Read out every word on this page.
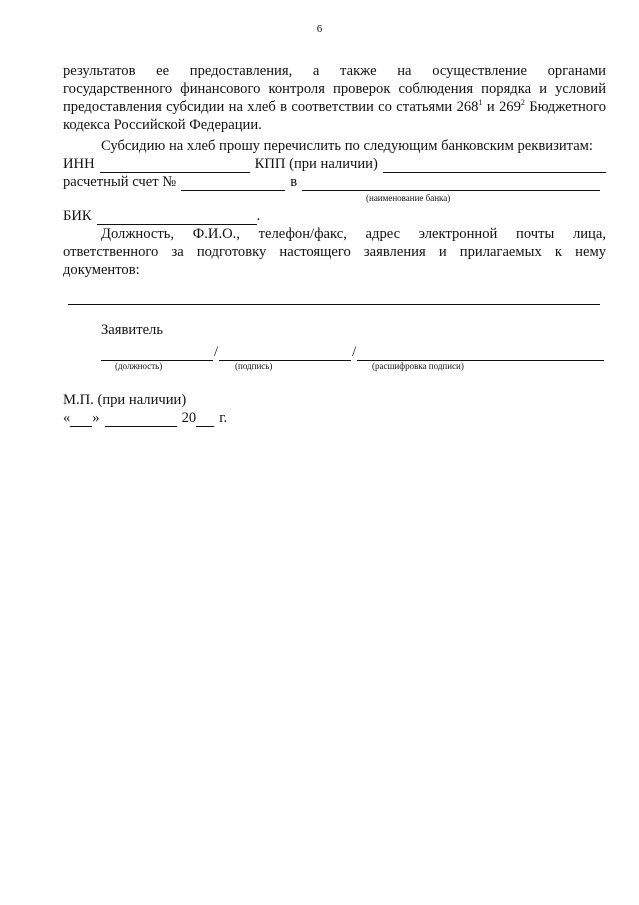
6
результатов ее предоставления, а также на осуществление органами
государственного финансового контроля проверок соблюдения порядка и условий
предоставления субсидии на хлеб в соответствии со статьями $268^1$ и $269^2$ Бюджетного
кодекса Российской Федерации.
Субсидию на хлеб прошу перечислить по следующим банковским реквизитам:
ИНН	КПП (при наличии)
расчетный счет №	в
(наименование банка)
БИК	.
Должность, Ф.И.О., телефон/факс, адрес электронной почты лица,
ответственного за подготовку настоящего заявления и прилагаемых к нему
документов:
Заявитель
/	/
(должность)	(подпись)	(расшифровка подписи)
М.П. (при наличии)
« »	20 г.
